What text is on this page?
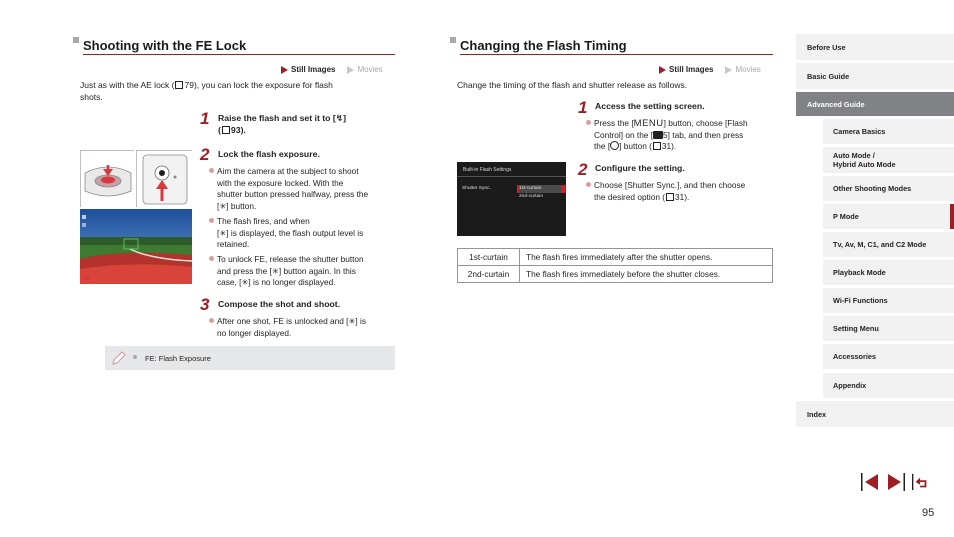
Shooting with the FE Lock
Still Images	Movies
Just as with the AE lock ( 79), you can lock the exposure for flash
shots.
1 Raise the flash and set it to [↯]
( 93).
2 Lock the flash exposure.
Aim the camera at the subject to shoot
with the exposure locked. With the
shutter button pressed halfway, press the
[✳] button.
The flash fires, and when
[✳] is displayed, the flash output level is
retained.
To unlock FE, release the shutter button
and press the [✳] button again. In this
case, [✳] is no longer displayed.
3 Compose the shot and shoot.
After one shot, FE is unlocked and [✳] is
no longer displayed.
FE: Flash Exposure
Changing the Flash Timing
Still Images	Movies
Change the timing of the flash and shutter release as follows.
1 Access the setting screen.
Press the [MENU] button, choose [Flash
Control] on the [ 5] tab, and then press
the [ ] button ( 31).
Built-in Flash Settings
Shutter Sync.	1st-curtain
2nd-curtain
2 Configure the setting.
Choose [Shutter Sync.], and then choose
the desired option ( 31).
1st-curtain	The flash fires immediately after the shutter opens.
2nd-curtain	The flash fires immediately before the shutter closes.
Before Use
Basic Guide
Advanced Guide
Camera Basics
Auto Mode /
Hybrid Auto Mode
Other Shooting Modes
P Mode
Tv, Av, M, C1, and C2 Mode
Playback Mode
Wi-Fi Functions
Setting Menu
Accessories
Appendix
Index
95
